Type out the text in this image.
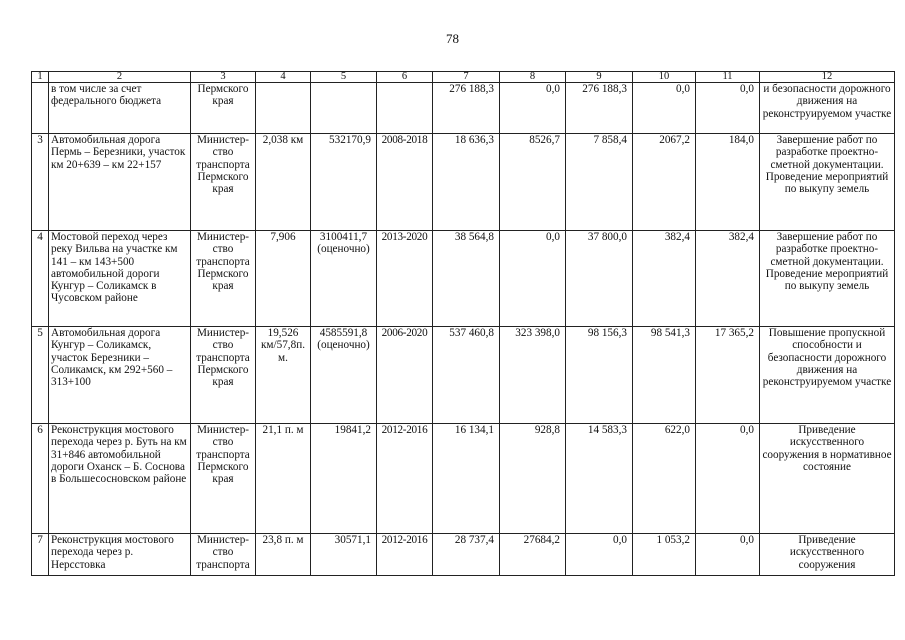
78
1	2	3	4	5	6	7	8	9	10	11	12
	в том числе за счет федерального бюджета	Пермского края				276 188,3	0,0	276 188,3	0,0	0,0	и безопасности дорожного движения на реконструируемом участке
3	Автомобильная дорога Пермь – Березники, участок км 20+639 – км 22+157	Министер-ство транспорта Пермского края	2,038 км	532170,9	2008-2018	18 636,3	8526,7	7 858,4	2067,2	184,0	Завершение работ по разработке проектно-сметной документации. Проведение мероприятий по выкупу земель
4	Мостовой переход через реку Вильва на участке км 141 – км 143+500 автомобильной дороги Кунгур – Соликамск в Чусовском районе	Министер-ство транспорта Пермского края	7,906	3100411,7 (оценочно)	2013-2020	38 564,8	0,0	37 800,0	382,4	382,4	Завершение работ по разработке проектно-сметной документации. Проведение мероприятий по выкупу земель
5	Автомобильная дорога Кунгур – Соликамск, участок Березники – Соликамск, км 292+560 – 313+100	Министер-ство транспорта Пермского края	19,526 км/57,8п. м.	4585591,8 (оценочно)	2006-2020	537 460,8	323 398,0	98 156,3	98 541,3	17 365,2	Повышение пропускной способности и безопасности дорожного движения на реконструируемом участке
6	Реконструкция мостового перехода через р. Буть на км 31+846 автомобильной дороги Оханск – Б. Соснова в Большесосновском районе	Министер-ство транспорта Пермского края	21,1 п. м	19841,2	2012-2016	16 134,1	928,8	14 583,3	622,0	0,0	Приведение искусственного сооружения в нормативное состояние
7	Реконструкция мостового перехода через р. Нерсстовка	Министер-ство транспорта	23,8 п. м	30571,1	2012-2016	28 737,4	27684,2	0,0	1 053,2	0,0	Приведение искусственного сооружения
